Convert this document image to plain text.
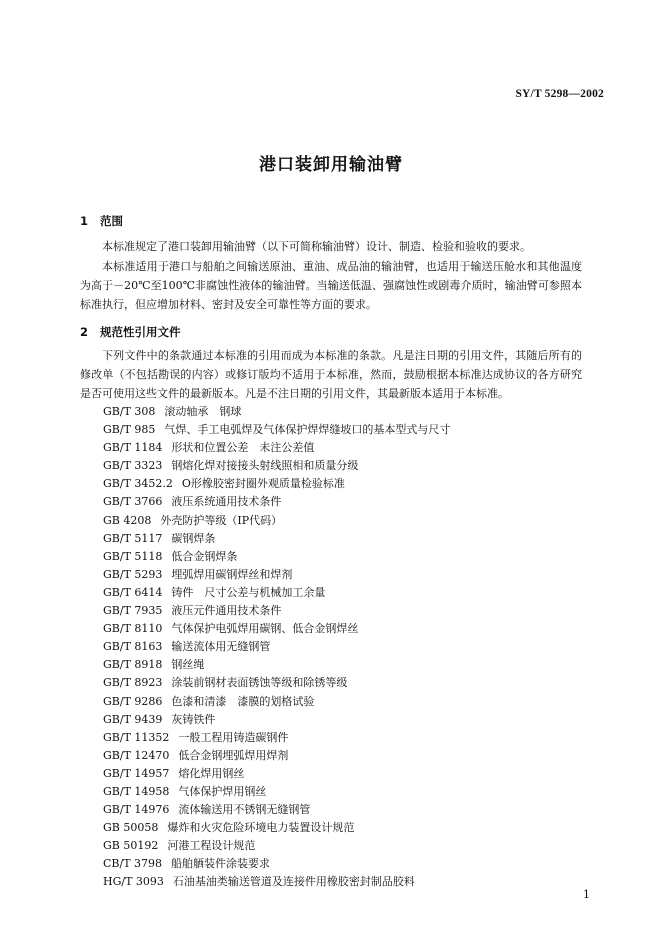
SY/T 5298—2002
港口装卸用输油臂
1 范围

本标准规定了港口装卸用输油臂（以下可简称输油臂）设计、制造、检验和验收的要求。

本标准适用于港口与船舶之间输送原油、重油、成品油的输油臂，也适用于输送压舱水和其他温度为高于－20℃至100℃非腐蚀性液体的输油臂。当输送低温、强腐蚀性或剧毒介质时，输油臂可参照本标准执行，但应增加材料、密封及安全可靠性等方面的要求。

2 规范性引用文件

下列文件中的条款通过本标准的引用而成为本标准的条款。凡是注日期的引用文件，其随后所有的修改单（不包括勘误的内容）或修订版均不适用于本标准，然而，鼓励根据本标准达成协议的各方研究是否可使用这些文件的最新版本。凡是不注日期的引用文件，其最新版本适用于本标准。

GB/T 308 滚动轴承　钢球
GB/T 985 气焊、手工电弧焊及气体保护焊焊缝坡口的基本型式与尺寸
GB/T 1184 形状和位置公差　未注公差值
GB/T 3323 钢熔化焊对接接头射线照相和质量分级
GB/T 3452.2 O形橡胶密封圈外观质量检验标准
GB/T 3766 液压系统通用技术条件
GB 4208 外壳防护等级（IP代码）
GB/T 5117 碳钢焊条
GB/T 5118 低合金钢焊条
GB/T 5293 埋弧焊用碳钢焊丝和焊剂
GB/T 6414 铸件　尺寸公差与机械加工余量
GB/T 7935 液压元件通用技术条件
GB/T 8110 气体保护电弧焊用碳钢、低合金钢焊丝
GB/T 8163 输送流体用无缝钢管
GB/T 8918 钢丝绳
GB/T 8923 涂装前钢材表面锈蚀等级和除锈等级
GB/T 9286 色漆和清漆　漆膜的划格试验
GB/T 9439 灰铸铁件
GB/T 11352 一般工程用铸造碳钢件
GB/T 12470 低合金钢埋弧焊用焊剂
GB/T 14957 熔化焊用钢丝
GB/T 14958 气体保护焊用钢丝
GB/T 14976 流体输送用不锈钢无缝钢管
GB 50058 爆炸和火灾危险环境电力装置设计规范
GB 50192 河港工程设计规范
CB/T 3798 船舶舾装件涂装要求
HG/T 3093 石油基油类输送管道及连接件用橡胶密封制品胶料
1
